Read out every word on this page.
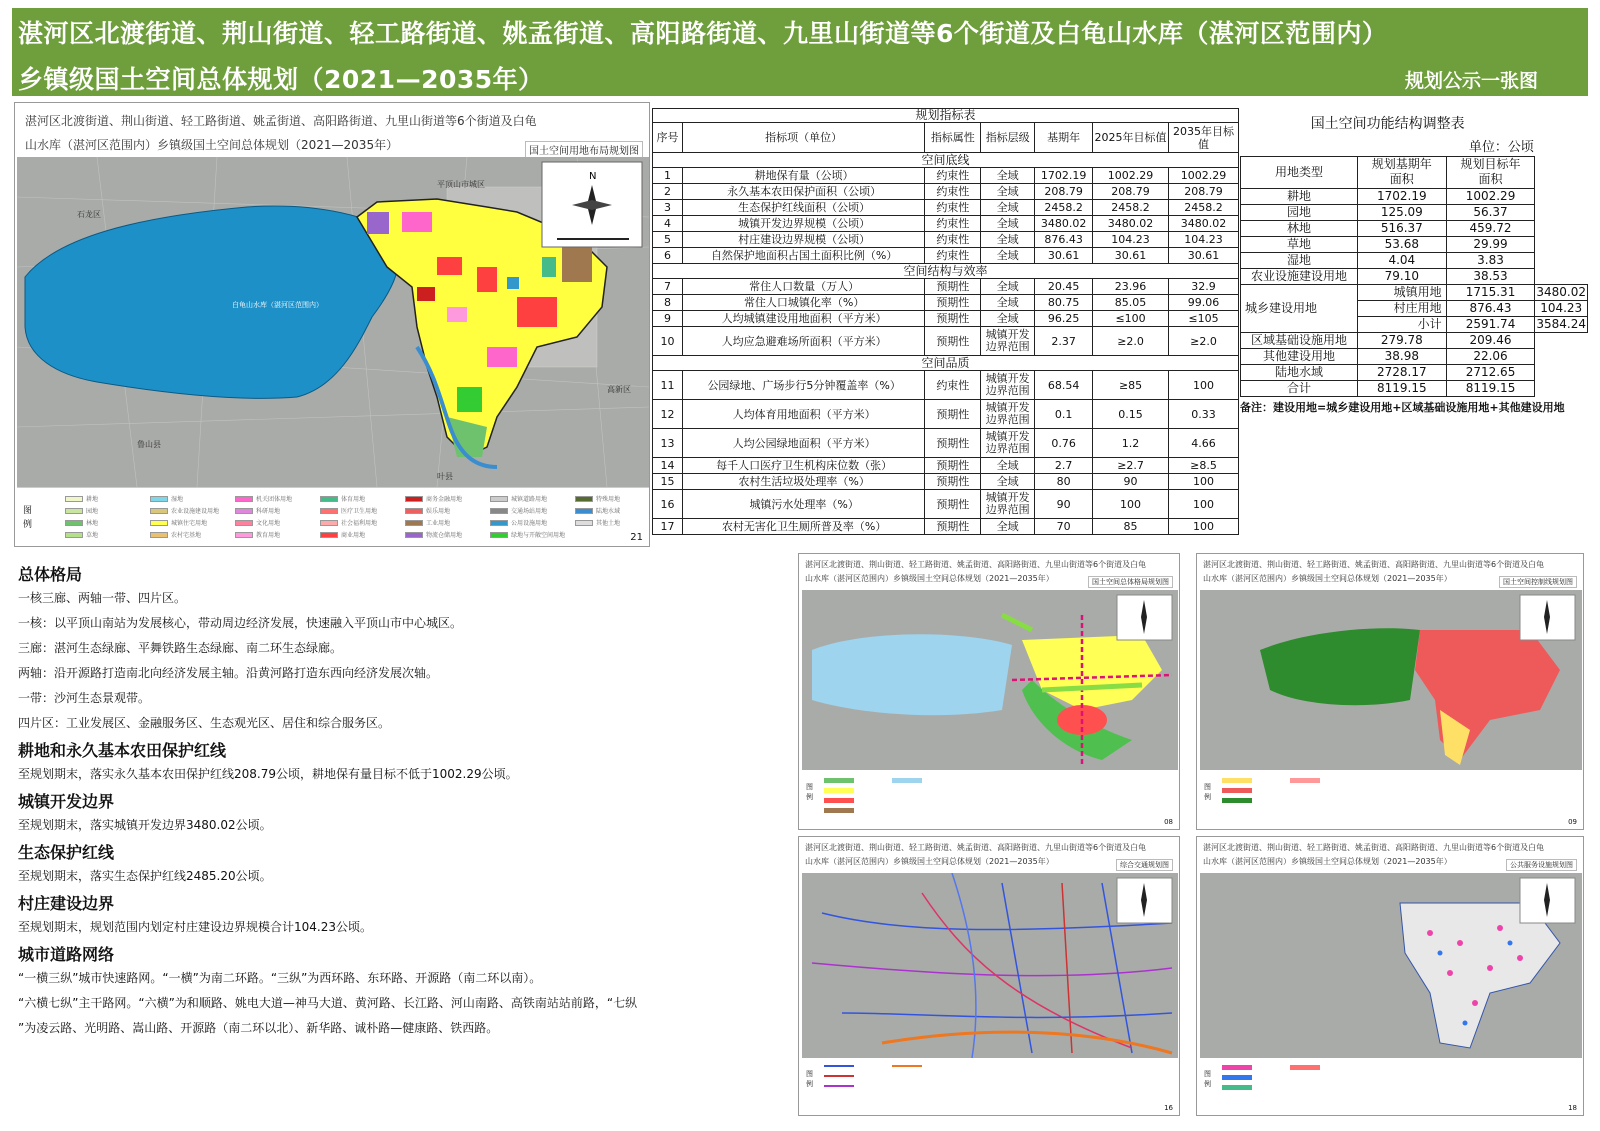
湛河区北渡街道、荆山街道、轻工路街道、姚孟街道、高阳路街道、九里山街道等6个街道及白龟山水库（湛河区范围内）
乡镇级国土空间总体规划（2021—2035年）	规划公示一张图
湛河区北渡街道、荆山街道、轻工路街道、姚孟街道、高阳路街道、九里山街道等6个街道及白龟
山水库（湛河区范围内）乡镇级国土空间总体规划（2021—2035年）	国土空间用地布局规划图
N
白龟山水库（湛河区范围内）
平顶山市城区
高新区
石龙区
鲁山县
叶县
图　例
耕地
园地
林地
草地
湿地
农业设施建设用地
城镇住宅用地
农村宅基地
机关团体用地
科研用地
文化用地
教育用地
体育用地
医疗卫生用地
社会福利用地
商业用地
商务金融用地
娱乐用地
工业用地
物流仓储用地
城镇道路用地
交通场站用地
公用设施用地
绿地与开敞空间用地
特殊用地
陆地水域
其他土地
21
规划指标表						
序号	指标项（单位）	指标属性	指标层级	基期年	2025年目标值	2035年目标值
空间底线						
1	耕地保有量（公顷）	约束性	全域	1702.19	1002.29	1002.29
2	永久基本农田保护面积（公顷）	约束性	全域	208.79	208.79	208.79
3	生态保护红线面积（公顷）	约束性	全域	2458.2	2458.2	2458.2
4	城镇开发边界规模（公顷）	约束性	全域	3480.02	3480.02	3480.02
5	村庄建设边界规模（公顷）	约束性	全域	876.43	104.23	104.23
6	自然保护地面积占国土面积比例（%）	约束性	全域	30.61	30.61	30.61
空间结构与效率						
7	常住人口数量（万人）	预期性	全域	20.45	23.96	32.9
8	常住人口城镇化率（%）	预期性	全域	80.75	85.05	99.06
9	人均城镇建设用地面积（平方米）	预期性	全域	96.25	≤100	≤105
10	人均应急避难场所面积（平方米）	预期性	城镇开发边界范围	2.37	≥2.0	≥2.0
空间品质						
11	公园绿地、广场步行5分钟覆盖率（%）	约束性	城镇开发边界范围	68.54	≥85	100
12	人均体育用地面积（平方米）	预期性	城镇开发边界范围	0.1	0.15	0.33
13	人均公园绿地面积（平方米）	预期性	城镇开发边界范围	0.76	1.2	4.66
14	每千人口医疗卫生机构床位数（张）	预期性	全域	2.7	≥2.7	≥8.5
15	农村生活垃圾处理率（%）	预期性	全域	80	90	100
16	城镇污水处理率（%）	预期性	城镇开发边界范围	90	100	100
17	农村无害化卫生厕所普及率（%）	预期性	全域	70	85	100
国土空间功能结构调整表			
单位：公顷			
用地类型	规划基期年	规划目标年	
	面积	面积	
耕地	1702.19	1002.29	
园地	125.09	56.37	
林地	516.37	459.72	
草地	53.68	29.99	
湿地	4.04	3.83	
农业设施建设用地	79.10	38.53	
城乡建设用地	城镇用地	1715.31	3480.02
	村庄用地	876.43	104.23
	小计	2591.74	3584.24
区域基础设施用地	279.78	209.46	
其他建设用地	38.98	22.06	
陆地水域	2728.17	2712.65	
合计	8119.15	8119.15	
备注：建设用地=城乡建设用地+区域基础设施用地+其他建设用地
总体格局
一核三廊、两轴一带、四片区。
一核：以平顶山南站为发展核心，带动周边经济发展，快速融入平顶山市中心城区。
三廊：湛河生态绿廊、平舞铁路生态绿廊、南二环生态绿廊。
两轴：沿开源路打造南北向经济发展主轴。沿黄河路打造东西向经济发展次轴。
一带：沙河生态景观带。
四片区：工业发展区、金融服务区、生态观光区、居住和综合服务区。
耕地和永久基本农田保护红线
至规划期末，落实永久基本农田保护红线208.79公顷，耕地保有量目标不低于1002.29公顷。
城镇开发边界
至规划期末，落实城镇开发边界3480.02公顷。
生态保护红线
至规划期末，落实生态保护红线2485.20公顷。
村庄建设边界
至规划期末，规划范围内划定村庄建设边界规模合计104.23公顷。
城市道路网络
“一横三纵”城市快速路网。“一横”为南二环路。“三纵”为西环路、东环路、开源路（南二环以南）。
“六横七纵”主干路网。“六横”为和顺路、姚电大道—神马大道、黄河路、长江路、河山南路、高铁南站站前路，“七纵
”为凌云路、光明路、嵩山路、开源路（南二环以北）、新华路、诚朴路—健康路、铁西路。
湛河区北渡街道、荆山街道、轻工路街道、姚孟街道、高阳路街道、九里山街道等6个街道及白龟
山水库（湛河区范围内）乡镇级国土空间总体规划（2021—2035年）	国土空间总体格局规划图
图　例
08
湛河区北渡街道、荆山街道、轻工路街道、姚孟街道、高阳路街道、九里山街道等6个街道及白龟
山水库（湛河区范围内）乡镇级国土空间总体规划（2021—2035年）	国土空间控制线规划图
图　例
09
湛河区北渡街道、荆山街道、轻工路街道、姚孟街道、高阳路街道、九里山街道等6个街道及白龟
山水库（湛河区范围内）乡镇级国土空间总体规划（2021—2035年）	综合交通规划图
图　例
16
湛河区北渡街道、荆山街道、轻工路街道、姚孟街道、高阳路街道、九里山街道等6个街道及白龟
山水库（湛河区范围内）乡镇级国土空间总体规划（2021—2035年）	公共服务设施规划图
图　例
18
